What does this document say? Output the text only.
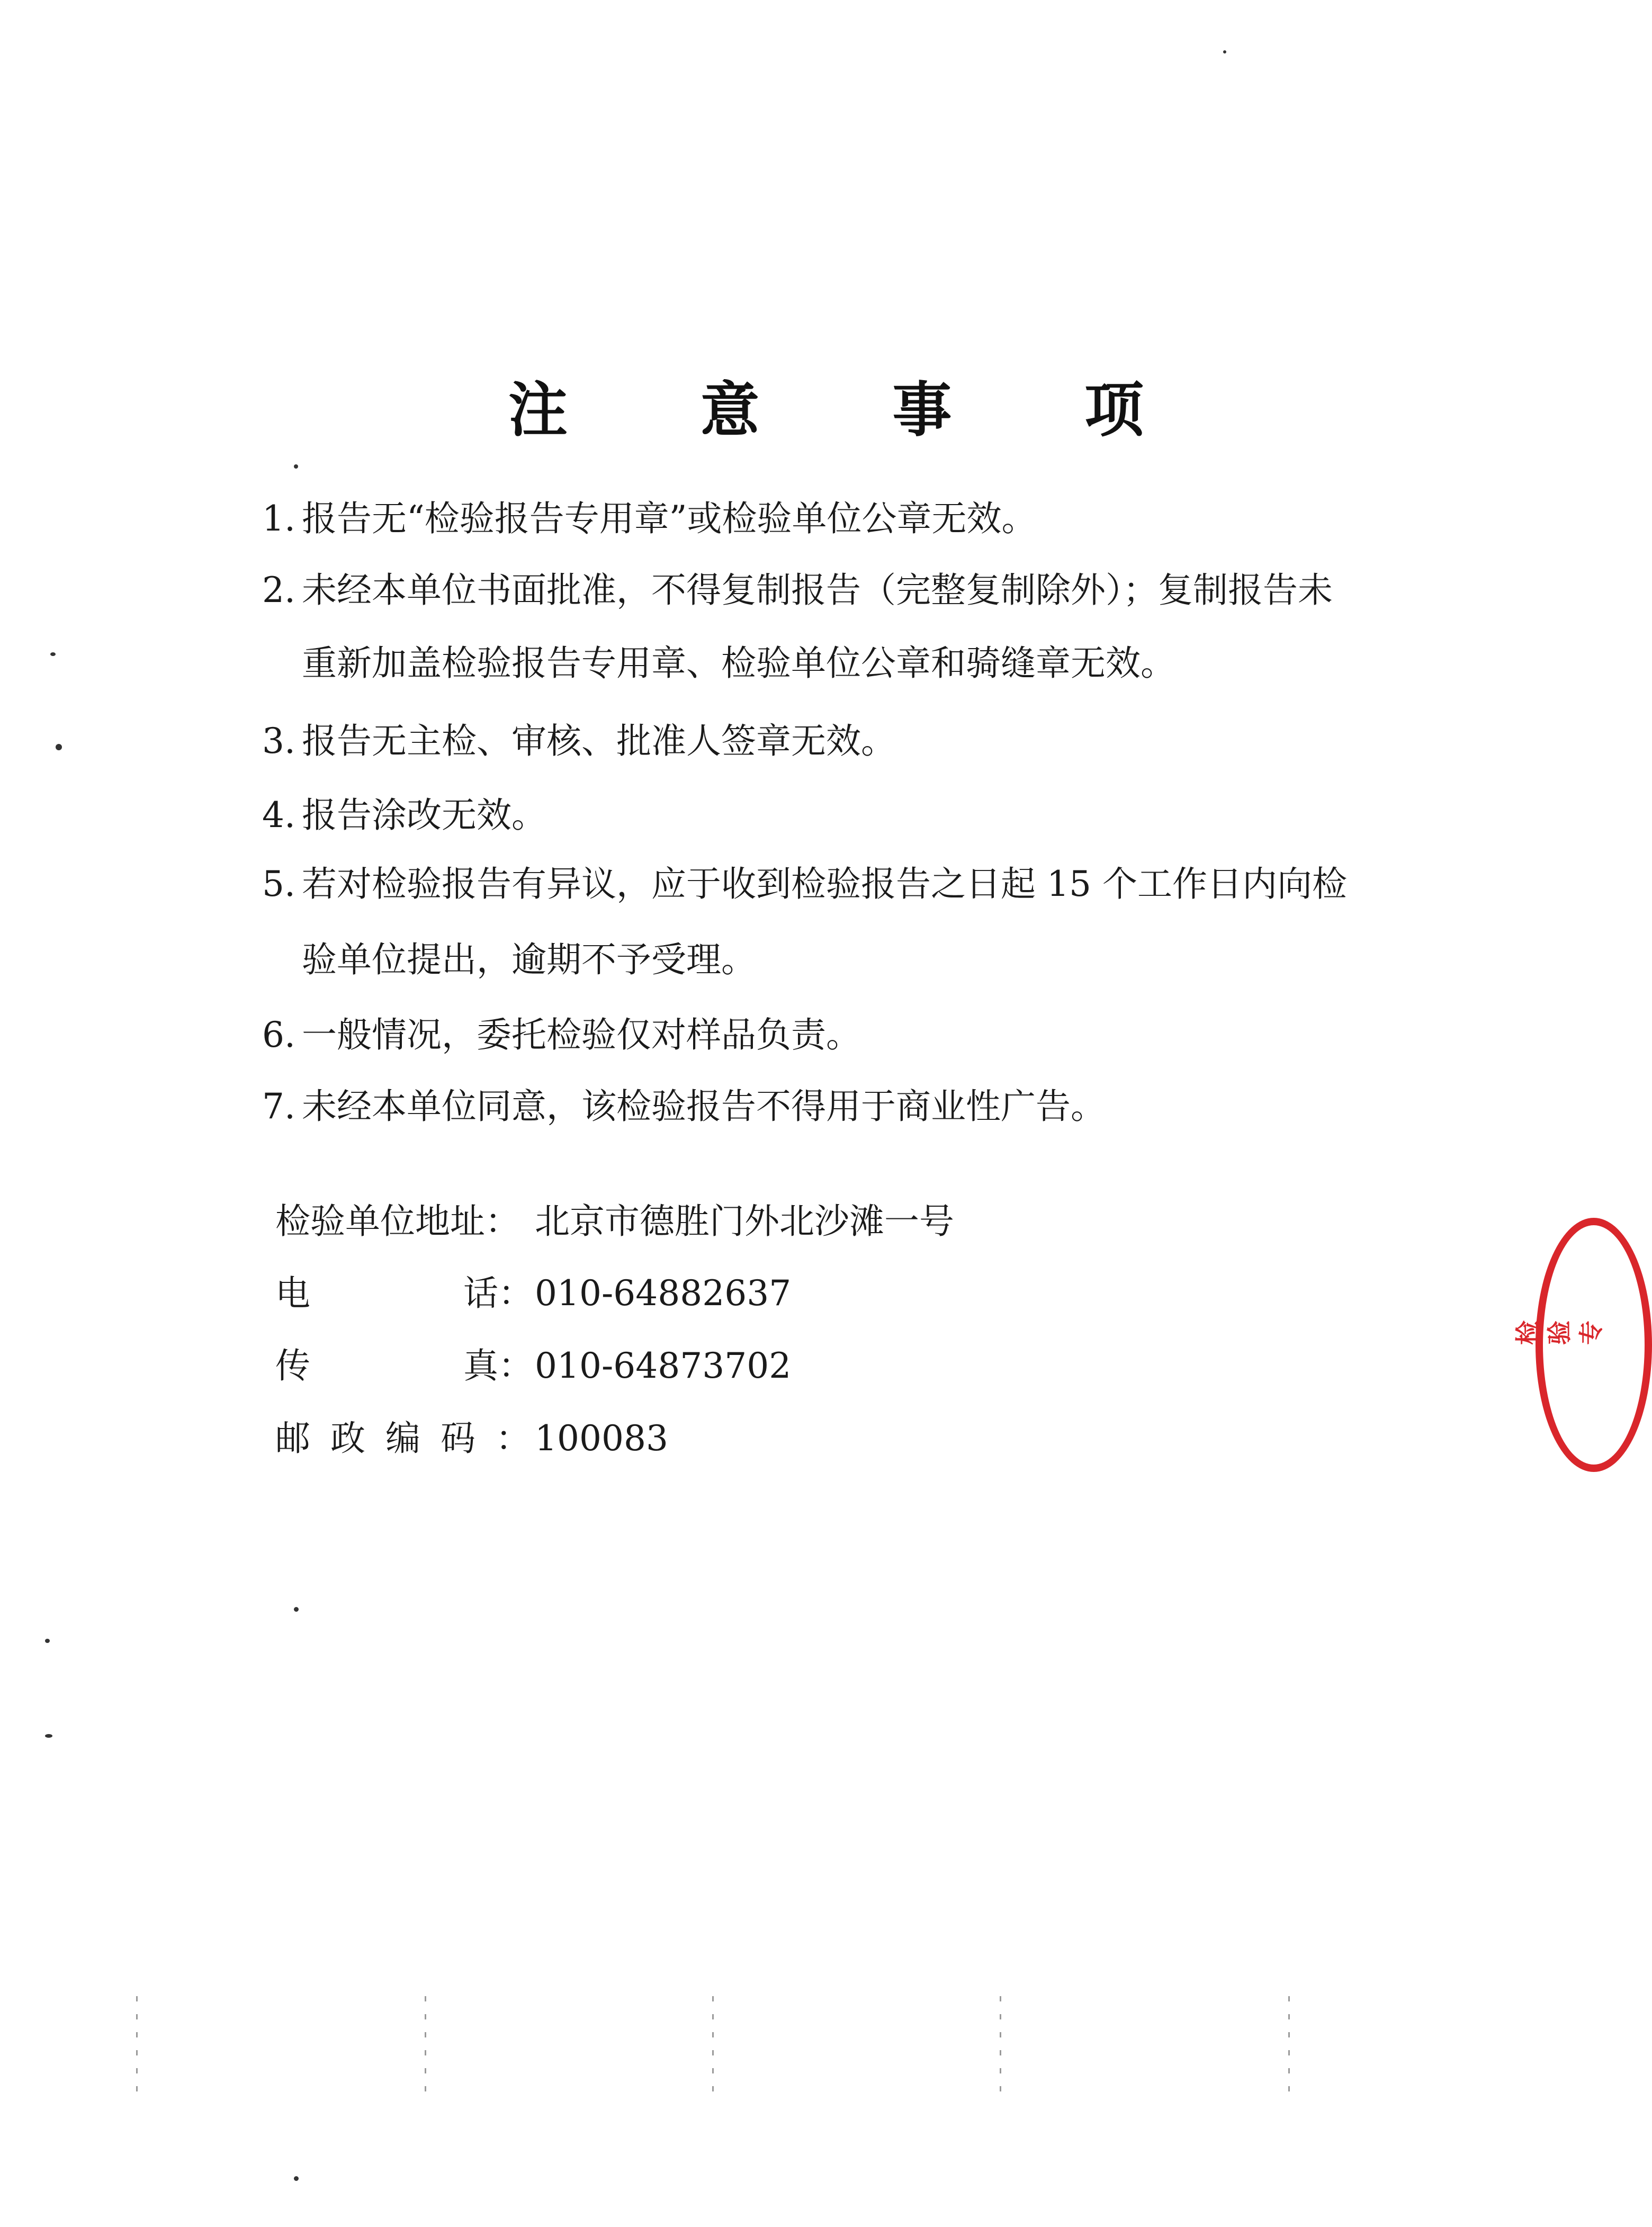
注 意 事 项
1. 报告无“检验报告专用章”或检验单位公章无效。
2. 未经本单位书面批准，不得复制报告（完整复制除外）；复制报告未
重新加盖检验报告专用章、检验单位公章和骑缝章无效。
3. 报告无主检、审核、批准人签章无效。
4. 报告涂改无效。
5. 若对检验报告有异议，应于收到检验报告之日起 15 个工作日内向检
验单位提出，逾期不予受理。
6. 一般情况，委托检验仅对样品负责。
7. 未经本单位同意，该检验报告不得用于商业性广告。
检验单位地址： 北京市德胜门外北沙滩一号
电	话： 010-64882637
传	真： 010-64873702
邮政编码：
100083
检验专
